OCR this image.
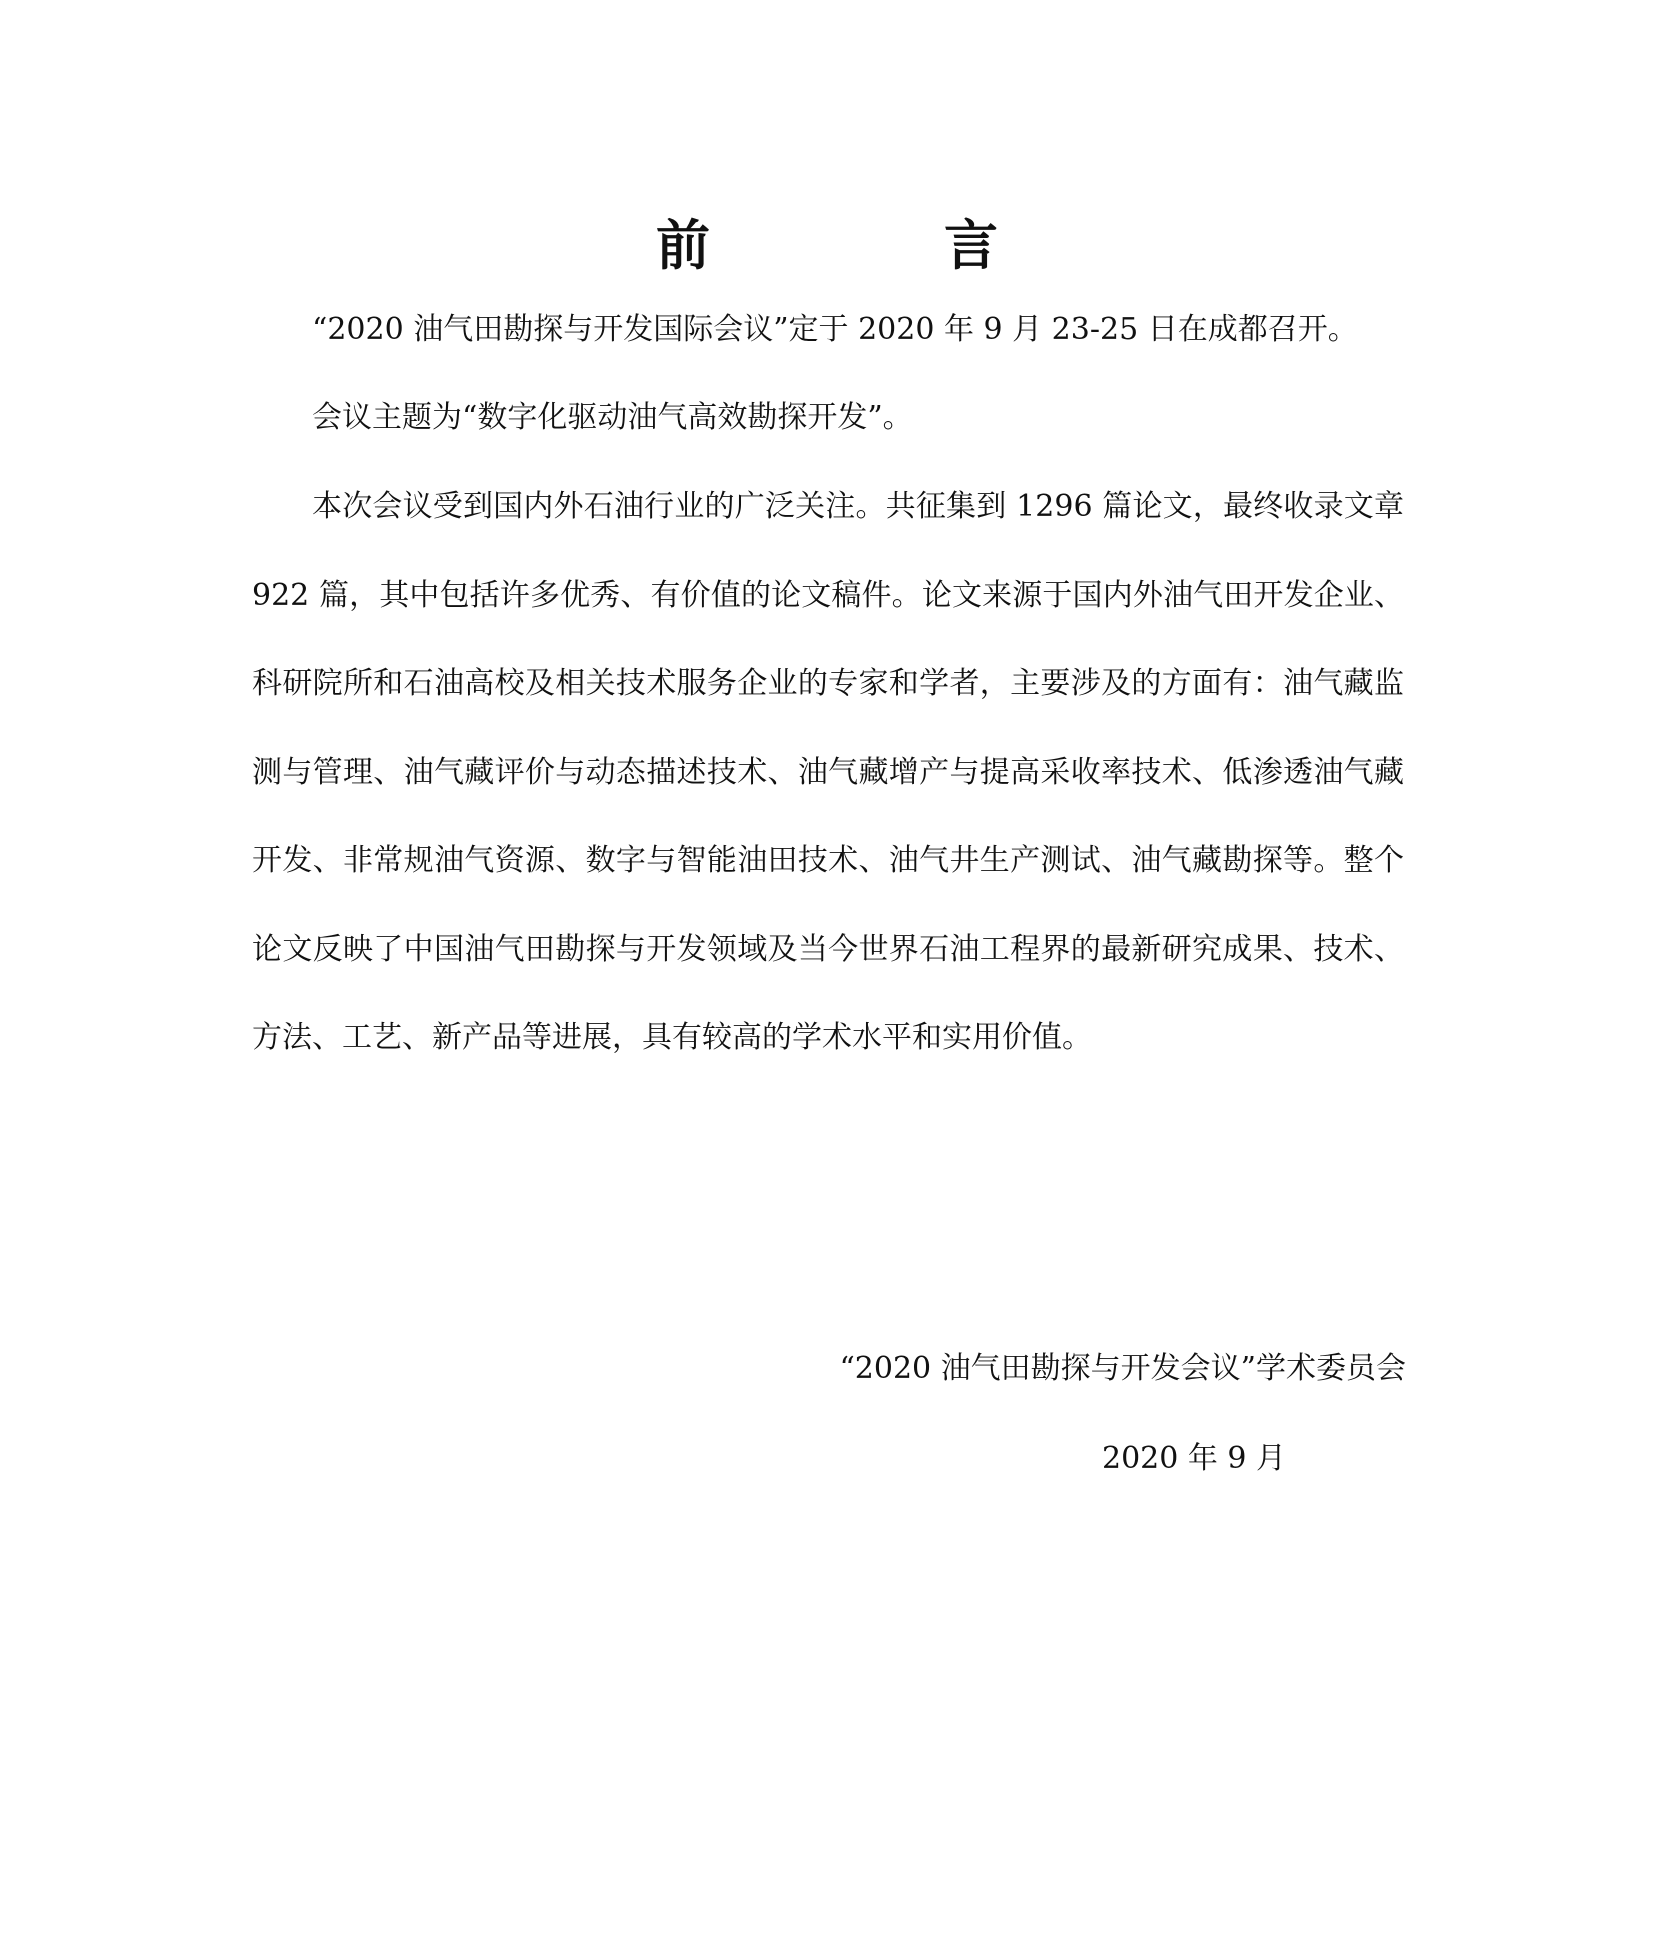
前　言

“2020 油气田勘探与开发国际会议”定于 2020 年 9 月 23-25 日在成都召开。

会议主题为“数字化驱动油气高效勘探开发”。

本次会议受到国内外石油行业的广泛关注。共征集到 1296 篇论文，最终收录文章 922 篇，其中包括许多优秀、有价值的论文稿件。论文来源于国内外油气田开发企业、科研院所和石油高校及相关技术服务企业的专家和学者，主要涉及的方面有：油气藏监测与管理、油气藏评价与动态描述技术、油气藏增产与提高采收率技术、低渗透油气藏开发、非常规油气资源、数字与智能油田技术、油气井生产测试、油气藏勘探等。整个论文反映了中国油气田勘探与开发领域及当今世界石油工程界的最新研究成果、技术、方法、工艺、新产品等进展，具有较高的学术水平和实用价值。

“2020 油气田勘探与开发会议”学术委员会
2020 年 9 月
